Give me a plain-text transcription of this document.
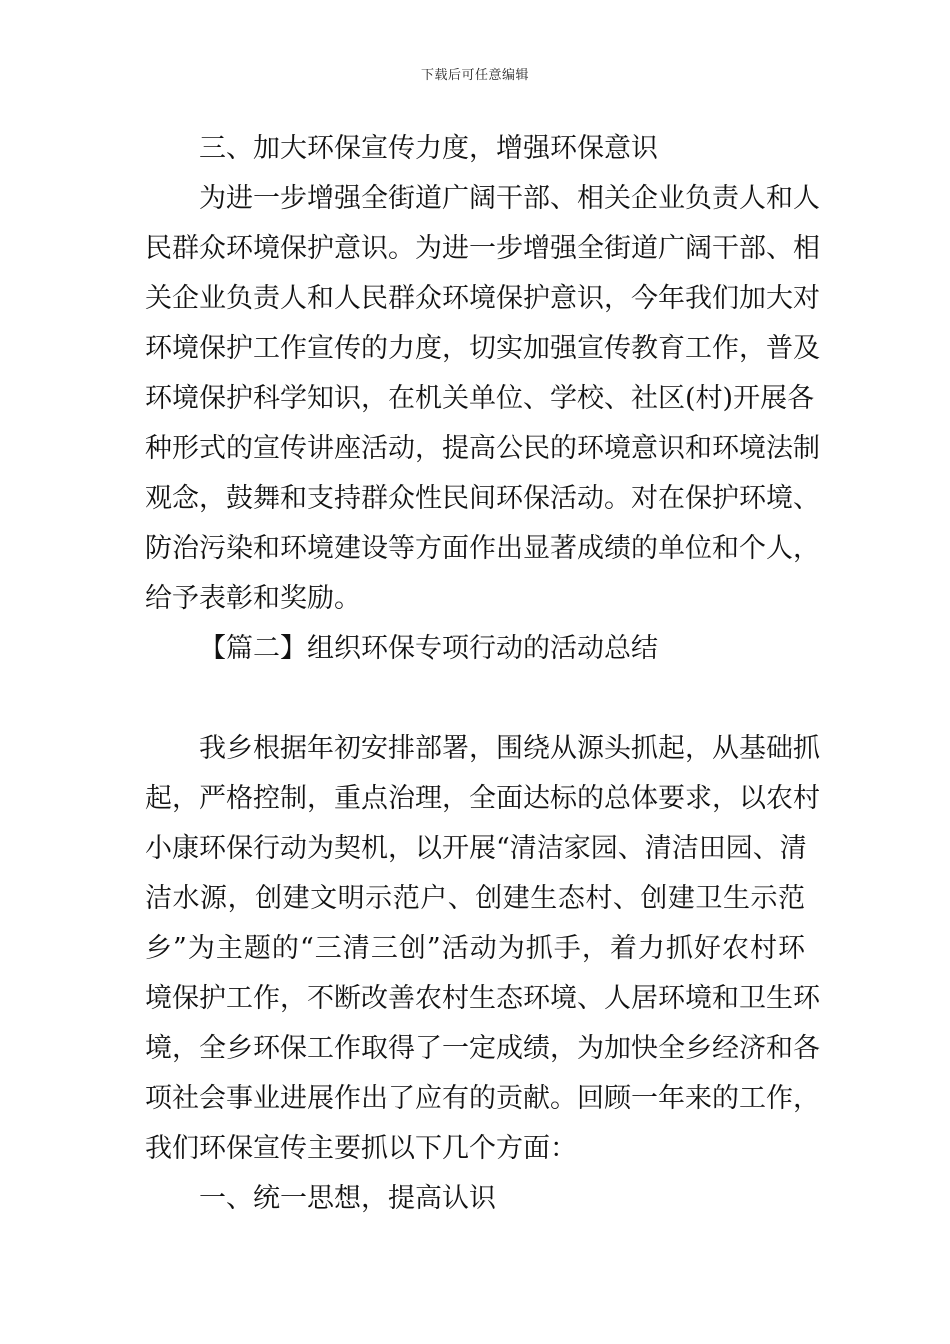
下载后可任意编辑
三、加大环保宣传力度，增强环保意识
为进一步增强全街道广阔干部、相关企业负责人和人
民群众环境保护意识。为进一步增强全街道广阔干部、相
关企业负责人和人民群众环境保护意识，今年我们加大对
环境保护工作宣传的力度，切实加强宣传教育工作，普及
环境保护科学知识，在机关单位、学校、社区(村)开展各
种形式的宣传讲座活动，提高公民的环境意识和环境法制
观念，鼓舞和支持群众性民间环保活动。对在保护环境、
防治污染和环境建设等方面作出显著成绩的单位和个人，
给予表彰和奖励。
【篇二】组织环保专项行动的活动总结
我乡根据年初安排部署，围绕从源头抓起，从基础抓
起，严格控制，重点治理，全面达标的总体要求，以农村
小康环保行动为契机，以开展“清洁家园、清洁田园、清
洁水源，创建文明示范户、创建生态村、创建卫生示范
乡”为主题的“三清三创”活动为抓手，着力抓好农村环
境保护工作，不断改善农村生态环境、人居环境和卫生环
境，全乡环保工作取得了一定成绩，为加快全乡经济和各
项社会事业进展作出了应有的贡献。回顾一年来的工作，
我们环保宣传主要抓以下几个方面：
一、统一思想，提高认识
